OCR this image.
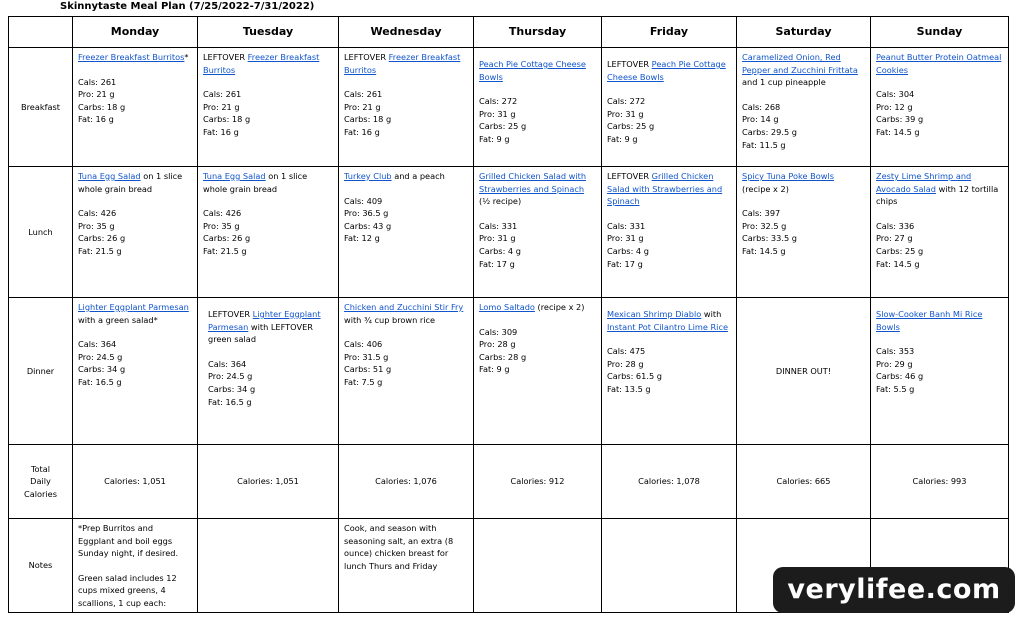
Skinnytaste Meal Plan (7/25/2022-7/31/2022)
	Monday	Tuesday	Wednesday	Thursday	Friday	Saturday	Sunday
Breakfast	Freezer Breakfast Burritos*
Cals: 261
Pro: 21 g
Carbs: 18 g
Fat: 16 g	LEFTOVER Freezer Breakfast Burritos
Cals: 261
Pro: 21 g
Carbs: 18 g
Fat: 16 g	LEFTOVER Freezer Breakfast Burritos
Cals: 261
Pro: 21 g
Carbs: 18 g
Fat: 16 g	Peach Pie Cottage Cheese Bowls
Cals: 272
Pro: 31 g
Carbs: 25 g
Fat: 9 g	LEFTOVER Peach Pie Cottage Cheese Bowls
Cals: 272
Pro: 31 g
Carbs: 25 g
Fat: 9 g	Caramelized Onion, Red Pepper and Zucchini Frittata and 1 cup pineapple
Cals: 268
Pro: 14 g
Carbs: 29.5 g
Fat: 11.5 g	Peanut Butter Protein Oatmeal Cookies
Cals: 304
Pro: 12 g
Carbs: 39 g
Fat: 14.5 g

Lunch	Tuna Egg Salad on 1 slice whole grain bread
Cals: 426
Pro: 35 g
Carbs: 26 g
Fat: 21.5 g	Tuna Egg Salad on 1 slice whole grain bread
Cals: 426
Pro: 35 g
Carbs: 26 g
Fat: 21.5 g	Turkey Club and a peach
Cals: 409
Pro: 36.5 g
Carbs: 43 g
Fat: 12 g	Grilled Chicken Salad with Strawberries and Spinach (½ recipe)
Cals: 331
Pro: 31 g
Carbs: 4 g
Fat: 17 g	LEFTOVER Grilled Chicken Salad with Strawberries and Spinach
Cals: 331
Pro: 31 g
Carbs: 4 g
Fat: 17 g	Spicy Tuna Poke Bowls (recipe x 2)
Cals: 397
Pro: 32.5 g
Carbs: 33.5 g
Fat: 14.5 g	Zesty Lime Shrimp and Avocado Salad with 12 tortilla chips
Cals: 336
Pro: 27 g
Carbs: 25 g
Fat: 14.5 g

Dinner	Lighter Eggplant Parmesan with a green salad*
Cals: 364
Pro: 24.5 g
Carbs: 34 g
Fat: 16.5 g	LEFTOVER Lighter Eggplant Parmesan with LEFTOVER green salad
Cals: 364
Pro: 24.5 g
Carbs: 34 g
Fat: 16.5 g	Chicken and Zucchini Stir Fry with ¾ cup brown rice
Cals: 406
Pro: 31.5 g
Carbs: 51 g
Fat: 7.5 g	Lomo Saltado (recipe x 2)
Cals: 309
Pro: 28 g
Carbs: 28 g
Fat: 9 g	Mexican Shrimp Diablo with Instant Pot Cilantro Lime Rice
Cals: 475
Pro: 28 g
Carbs: 61.5 g
Fat: 13.5 g	DINNER OUT!	Slow-Cooker Banh Mi Rice Bowls
Cals: 353
Pro: 29 g
Carbs: 46 g
Fat: 5.5 g

Total
Daily
Calories	Calories: 1,051	Calories: 1,051	Calories: 1,076	Calories: 912	Calories: 1,078	Calories: 665	Calories: 993
Notes	*Prep Burritos and Eggplant and boil eggs Sunday night, if desired.
Green salad includes 12 cups mixed greens, 4 scallions, 1 cup each:		Cook, and season with seasoning salt, an extra (8 ounce) chicken breast for lunch Thurs and Friday				

verylifee.com
